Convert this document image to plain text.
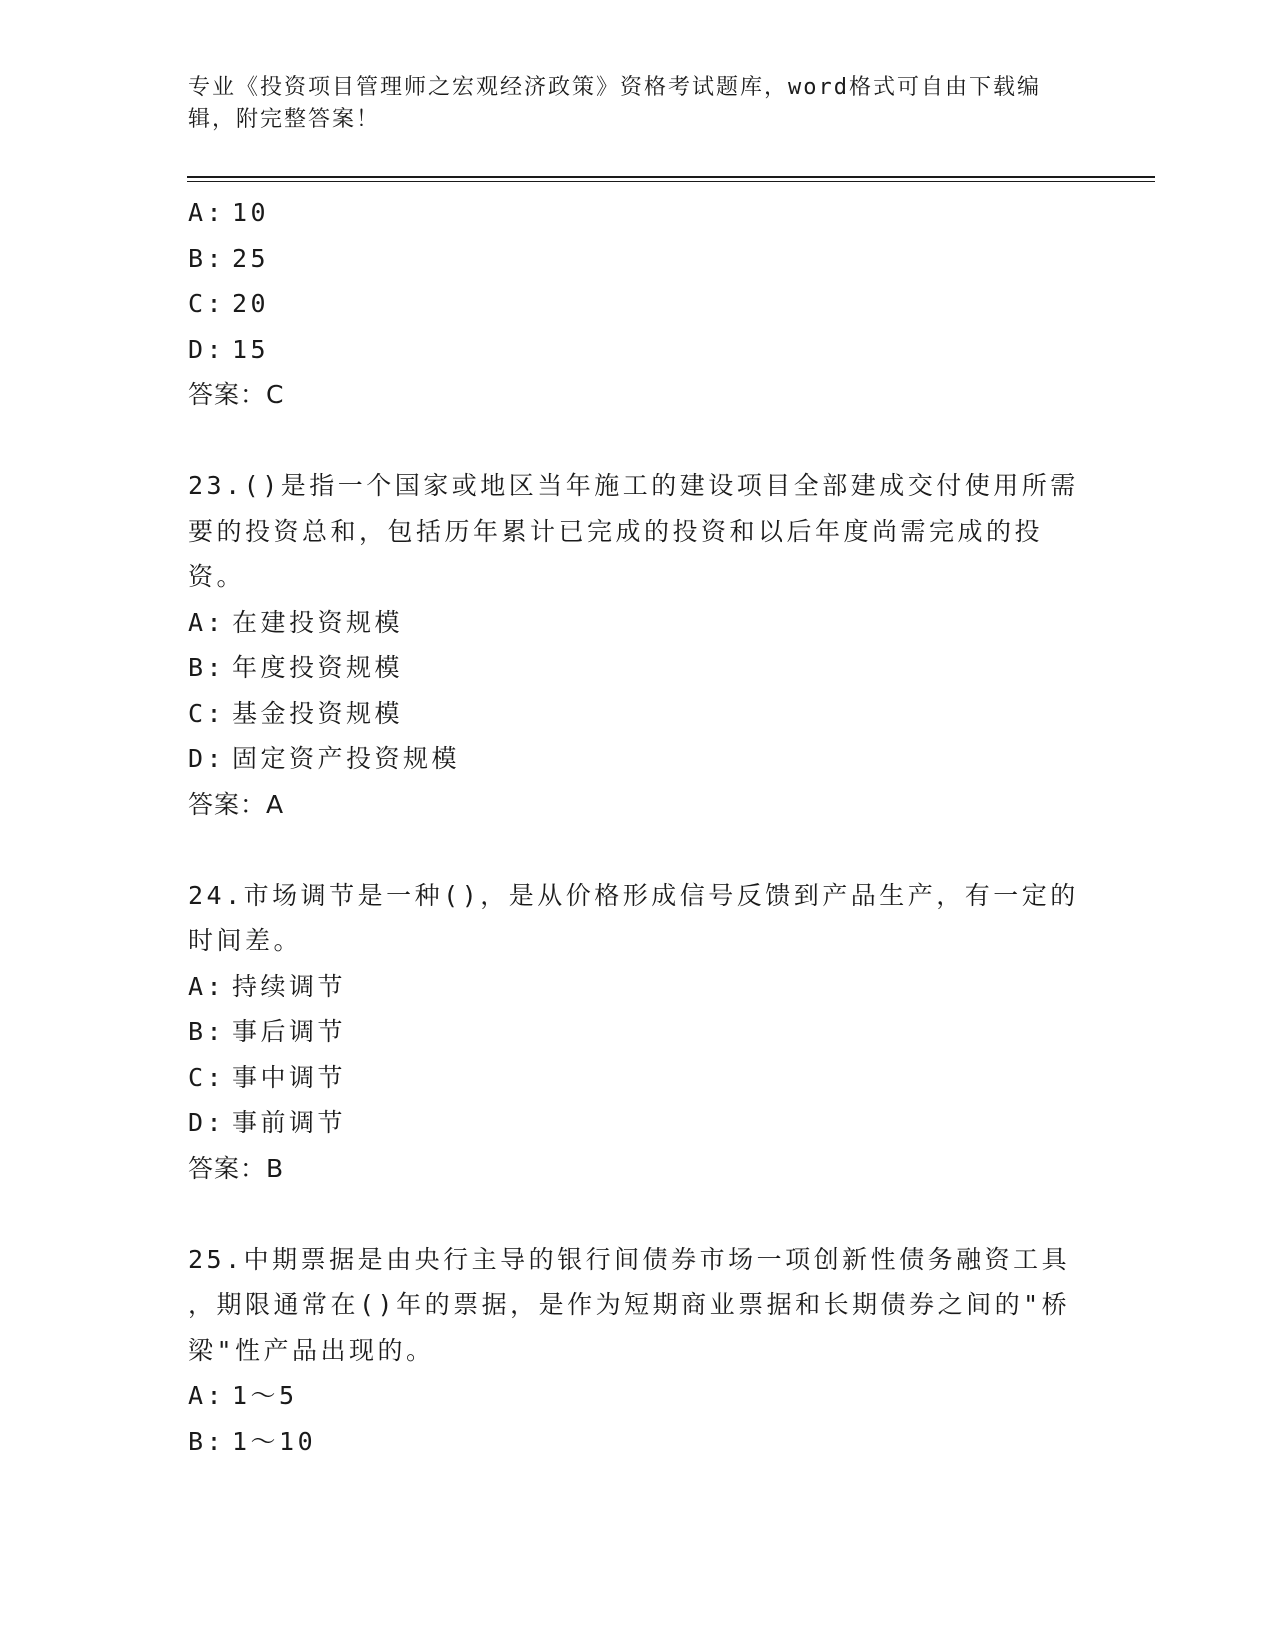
专业《投资项目管理师之宏观经济政策》资格考试题库，word格式可自由下载编
辑，附完整答案！
A: 10
B: 25
C: 20
D: 15
答案：C
23.()是指一个国家或地区当年施工的建设项目全部建成交付使用所需
要的投资总和，包括历年累计已完成的投资和以后年度尚需完成的投
资。
A: 在建投资规模
B: 年度投资规模
C: 基金投资规模
D: 固定资产投资规模
答案：A
24.市场调节是一种()，是从价格形成信号反馈到产品生产，有一定的
时间差。
A: 持续调节
B: 事后调节
C: 事中调节
D: 事前调节
答案：B
25.中期票据是由央行主导的银行间债券市场一项创新性债务融资工具
，期限通常在()年的票据，是作为短期商业票据和长期债券之间的"桥
梁"性产品出现的。
A: 1～5
B: 1～10
